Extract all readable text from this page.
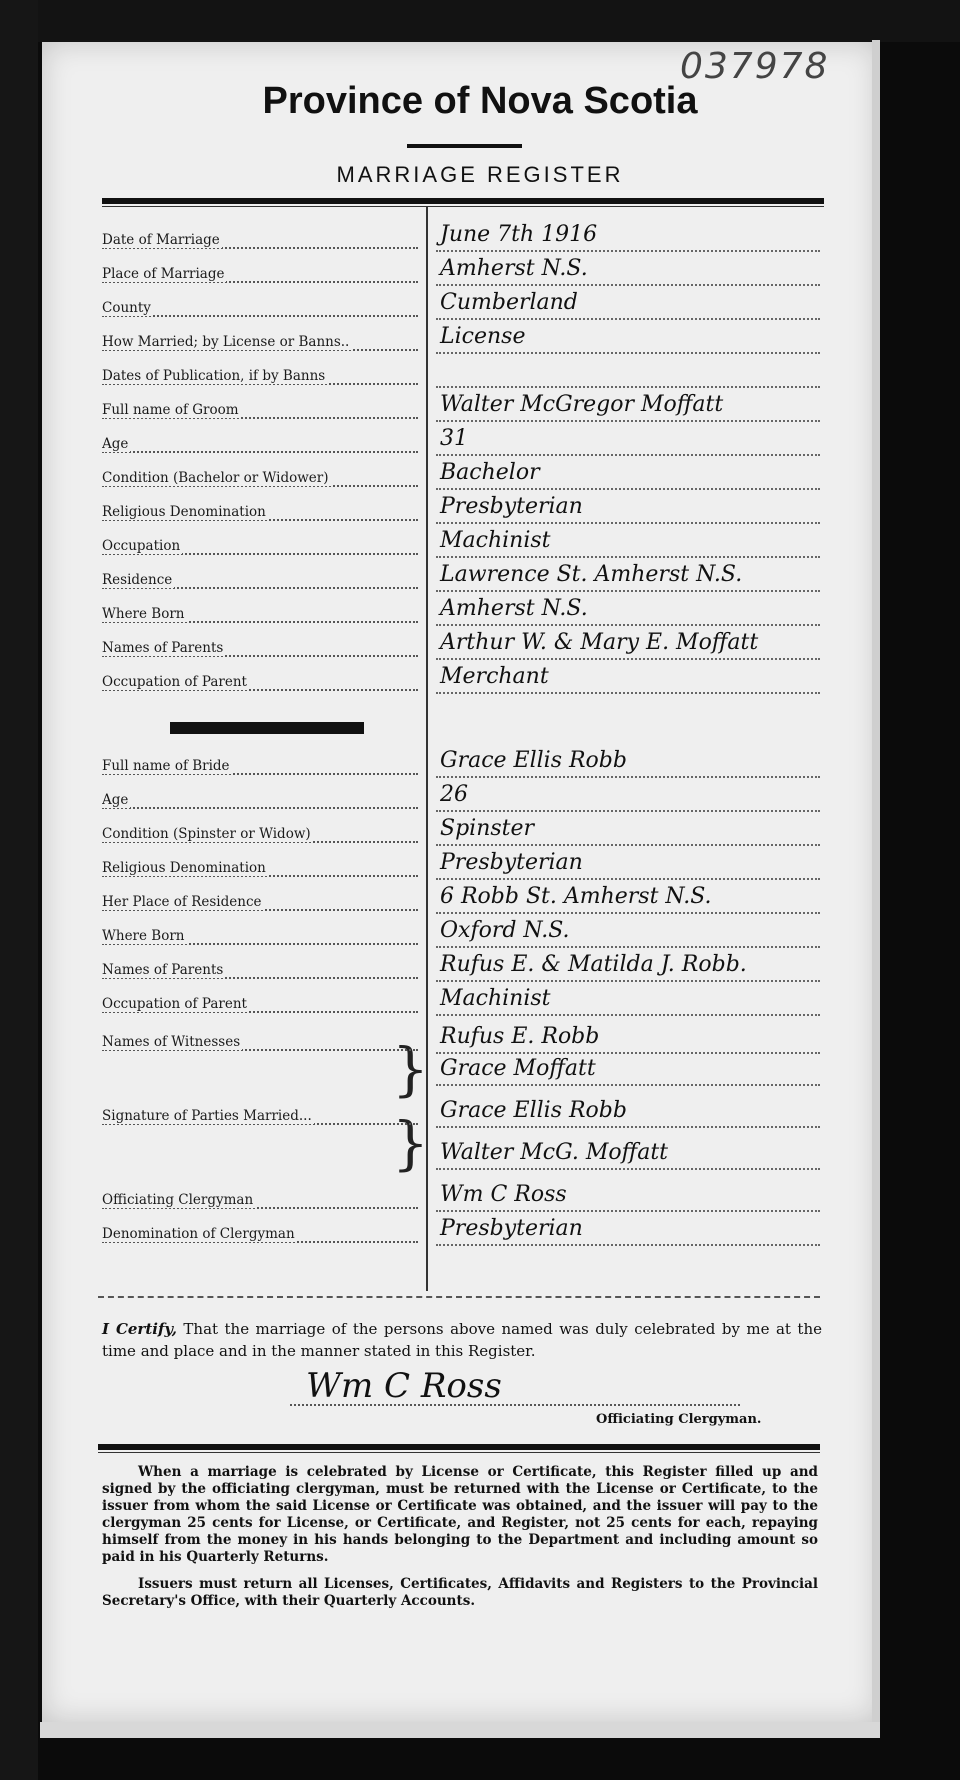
037978
Province of Nova Scotia
MARRIAGE REGISTER
Date of Marriage	June 7th 1916
Place of Marriage	Amherst N.S.
County	Cumberland
How Married; by License or Banns..	License
Dates of Publication, if by Banns
Full name of Groom	Walter McGregor Moffatt
Age	31
Condition (Bachelor or Widower)	Bachelor
Religious Denomination	Presbyterian
Occupation	Machinist
Residence	Lawrence St. Amherst N.S.
Where Born	Amherst N.S.
Names of Parents	Arthur W. & Mary E. Moffatt
Occupation of Parent	Merchant
Full name of Bride	Grace Ellis Robb
Age	26
Condition (Spinster or Widow)	Spinster
Religious Denomination	Presbyterian
Her Place of Residence	6 Robb St. Amherst N.S.
Where Born	Oxford N.S.
Names of Parents	Rufus E. & Matilda J. Robb.
Occupation of Parent	Machinist
Names of Witnesses	Rufus E. Robb
Grace Moffatt
Signature of Parties Married...	Grace Ellis Robb
Walter McG. Moffatt
Officiating Clergyman	Wm C Ross
Denomination of Clergyman	Presbyterian
}
}
I Certify, That the marriage of the persons above named was duly celebrated by me at the time and place and in the manner stated in this Register.
Wm C Ross
Officiating Clergyman.

When a marriage is celebrated by License or Certificate, this Register filled up and signed by the officiating clergyman, must be returned with the License or Certificate, to the issuer from whom the said License or Certificate was obtained, and the issuer will pay to the clergyman 25 cents for License, or Certificate, and Register, not 25 cents for each, repaying himself from the money in his hands belonging to the Department and including amount so paid in his Quarterly Returns.

Issuers must return all Licenses, Certificates, Affidavits and Registers to the Provincial Secretary's Office, with their Quarterly Accounts.
